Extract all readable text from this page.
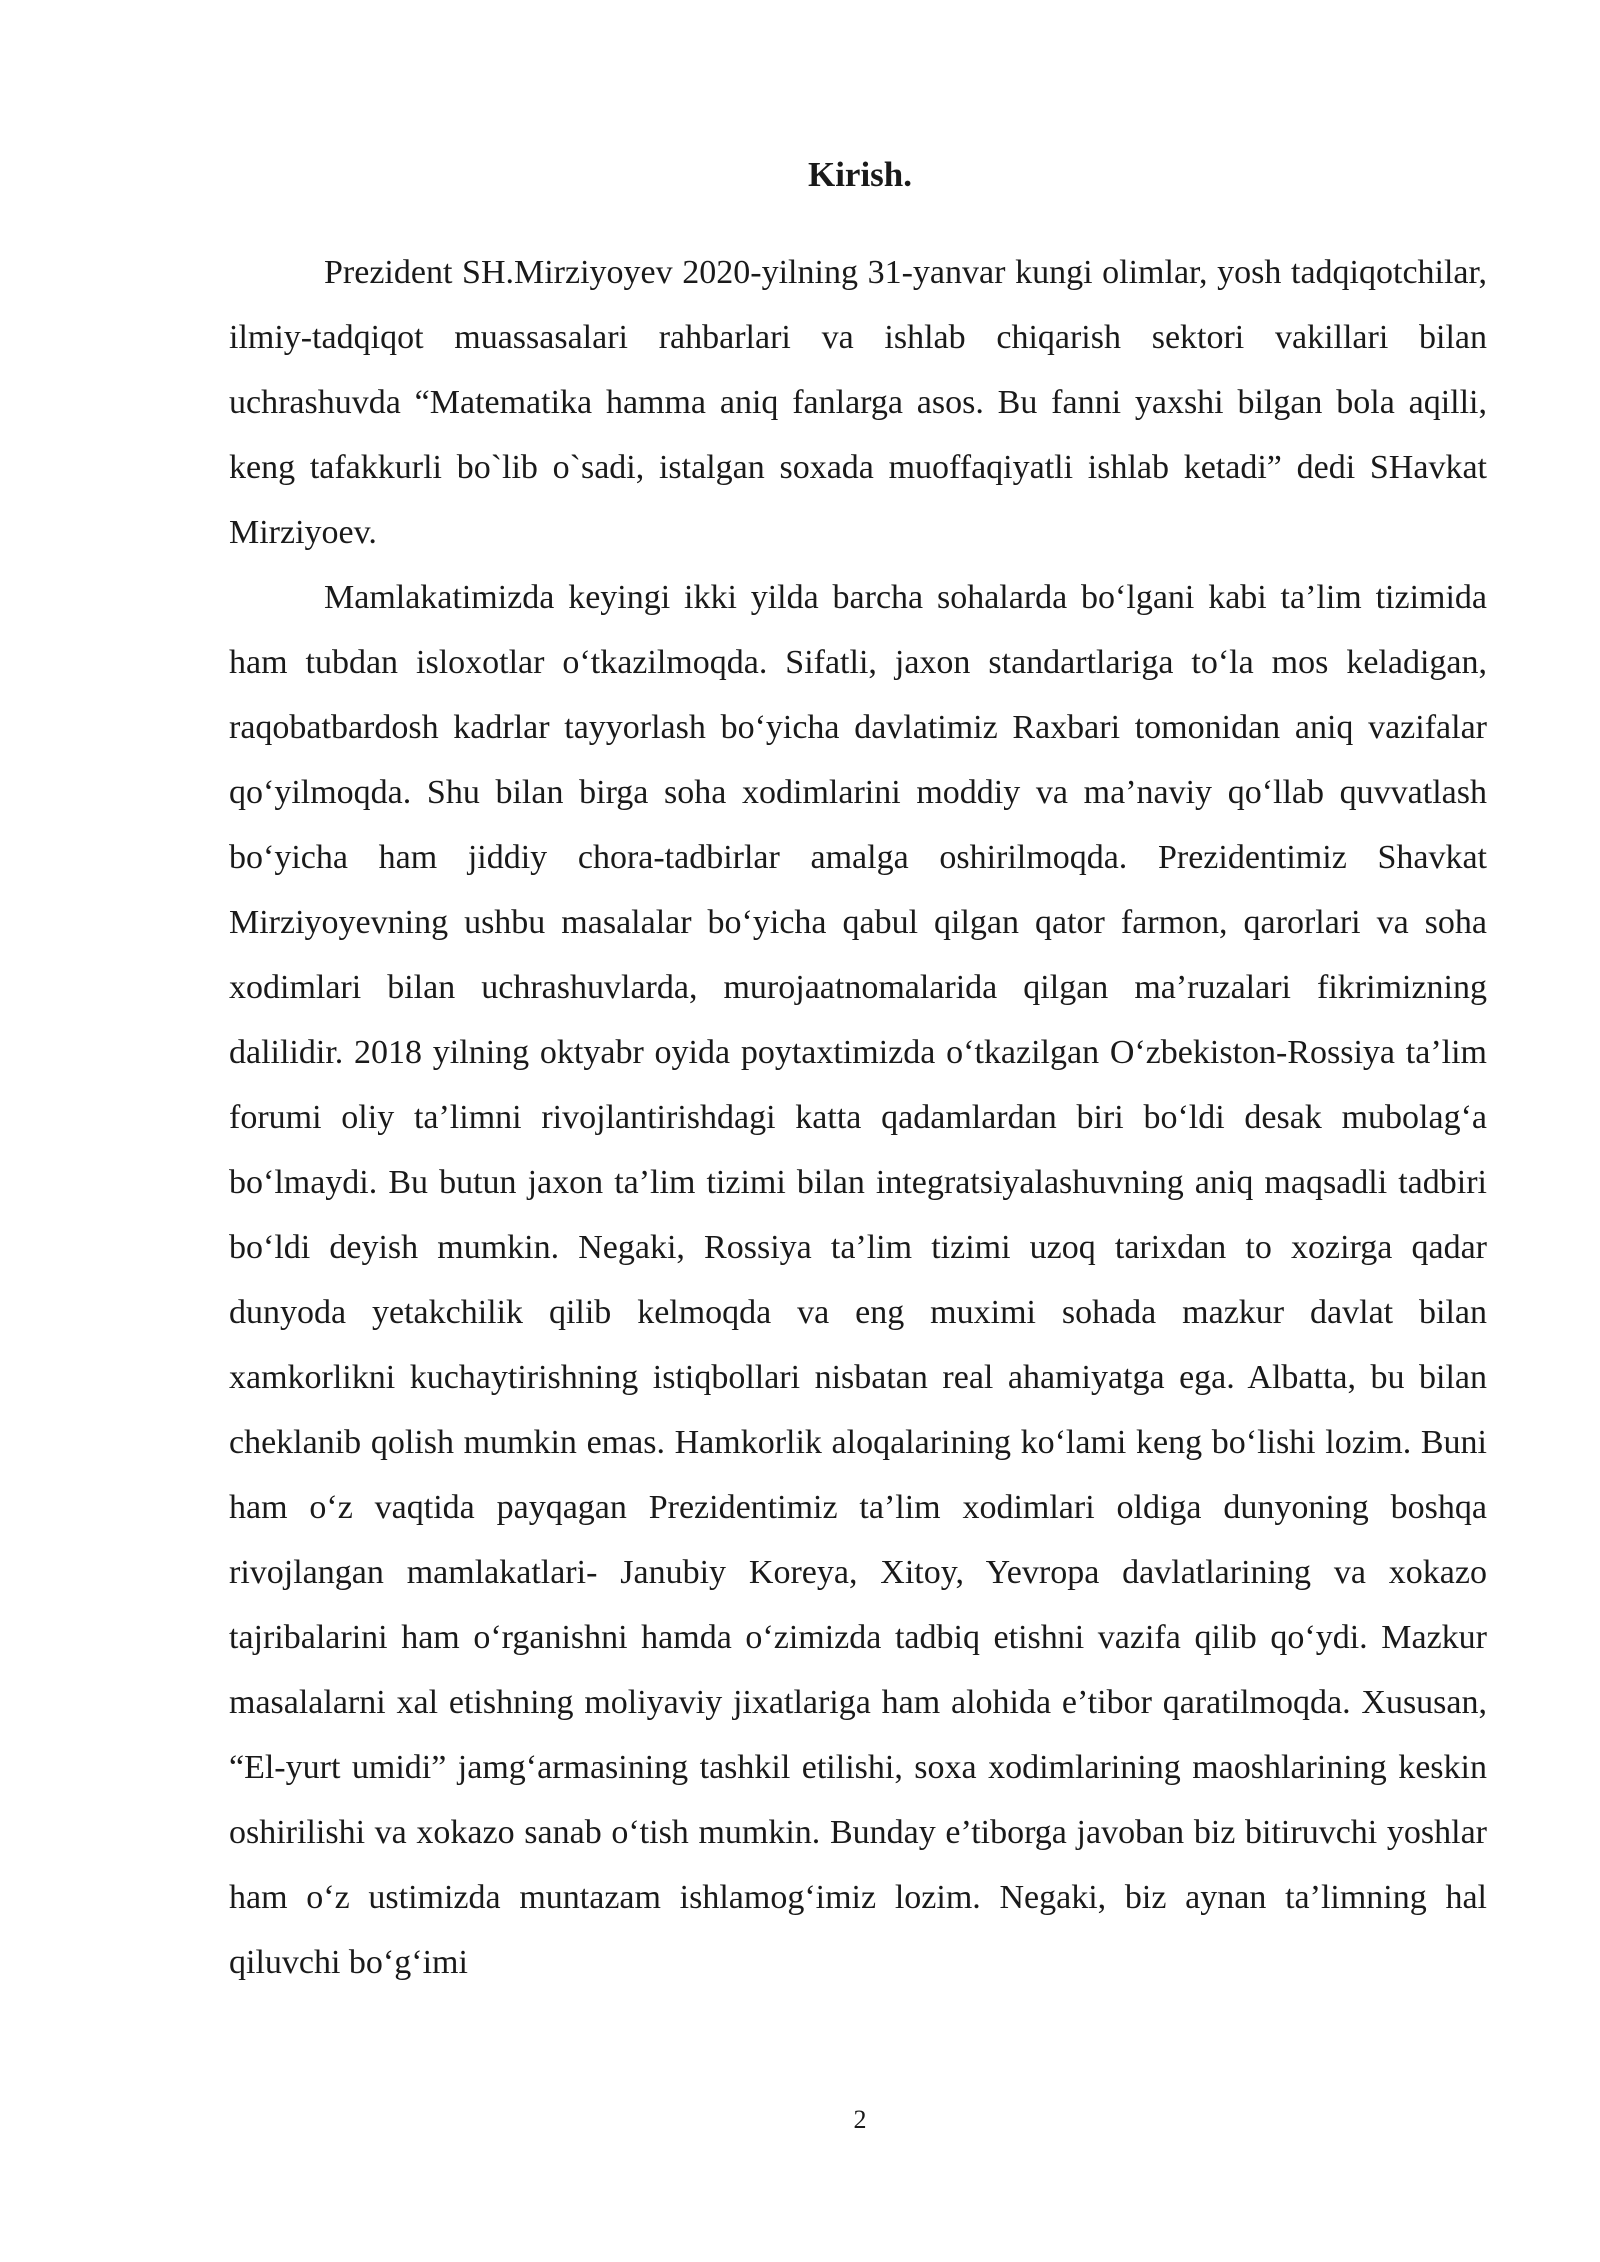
Kirish.

Prezident SH.Mirziyoyev 2020-yilning 31-yanvar kungi olimlar, yosh tadqiqotchilar, ilmiy-tadqiqot muassasalari rahbarlari va ishlab chiqarish sektori vakillari bilan uchrashuvda “Matematika hamma aniq fanlarga asos. Bu fanni yaxshi bilgan bola aqilli, keng tafakkurli bo`lib o`sadi, istalgan soxada muoffaqiyatli ishlab ketadi” dedi SHavkat Mirziyoev.

Mamlakatimizda keyingi ikki yilda barcha sohalarda bo‘lgani kabi ta’lim tizimida ham tubdan isloxotlar o‘tkazilmoqda. Sifatli, jaxon standartlariga to‘la mos keladigan, raqobatbardosh kadrlar tayyorlash bo‘yicha davlatimiz Raxbari tomonidan aniq vazifalar qo‘yilmoqda. Shu bilan birga soha xodimlarini moddiy va ma’naviy qo‘llab quvvatlash bo‘yicha ham jiddiy chora-tadbirlar amalga oshirilmoqda. Prezidentimiz Shavkat Mirziyoyevning ushbu masalalar bo‘yicha qabul qilgan qator farmon, qarorlari va soha xodimlari bilan uchrashuvlarda, murojaatnomalarida qilgan ma’ruzalari fikrimizning dalilidir. 2018 yilning oktyabr oyida poytaxtimizda o‘tkazilgan O‘zbekiston-Rossiya ta’lim forumi oliy ta’limni rivojlantirishdagi katta qadamlardan biri bo‘ldi desak mubolag‘a bo‘lmaydi. Bu butun jaxon ta’lim tizimi bilan integratsiyalashuvning aniq maqsadli tadbiri bo‘ldi deyish mumkin. Negaki, Rossiya ta’lim tizimi uzoq tarixdan to xozirga qadar dunyoda yetakchilik qilib kelmoqda va eng muximi sohada mazkur davlat bilan xamkorlikni kuchaytirishning istiqbollari nisbatan real ahamiyatga ega. Albatta, bu bilan cheklanib qolish mumkin emas. Hamkorlik aloqalarining ko‘lami keng bo‘lishi lozim. Buni ham o‘z vaqtida payqagan Prezidentimiz ta’lim xodimlari oldiga dunyoning boshqa rivojlangan mamlakatlari- Janubiy Koreya, Xitoy, Yevropa davlatlarining va xokazo tajribalarini ham o‘rganishni hamda o‘zimizda tadbiq etishni vazifa qilib qo‘ydi. Mazkur masalalarni xal etishning moliyaviy jixatlariga ham alohida e’tibor qaratilmoqda. Xususan, “El-yurt umidi” jamg‘armasining tashkil etilishi, soxa xodimlarining maoshlarining keskin oshirilishi va xokazo sanab o‘tish mumkin. Bunday e’tiborga javoban biz bitiruvchi yoshlar ham o‘z ustimizda muntazam ishlamog‘imiz lozim. Negaki, biz aynan ta’limning hal qiluvchi bo‘g‘imi

2
